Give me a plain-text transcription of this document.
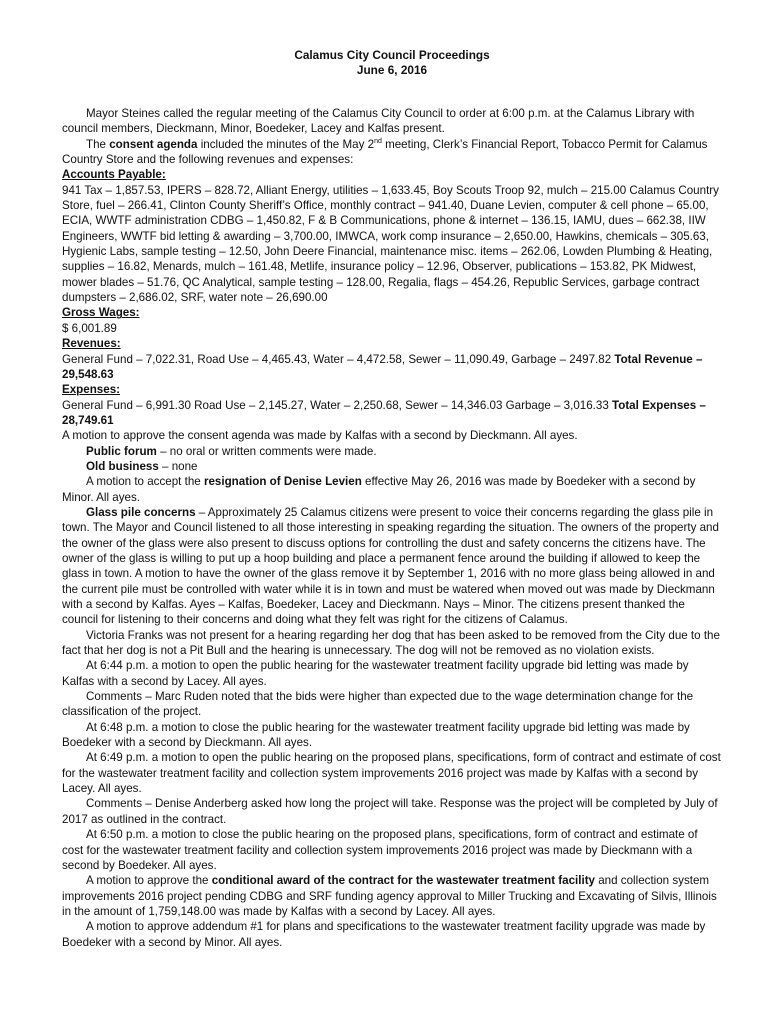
Calamus City Council Proceedings
June 6, 2016

Mayor Steines called the regular meeting of the Calamus City Council to order at 6:00 p.m. at the Calamus Library with council members, Dieckmann, Minor, Boedeker, Lacey and Kalfas present.

The consent agenda included the minutes of the May 2nd meeting, Clerk’s Financial Report, Tobacco Permit for Calamus Country Store and the following revenues and expenses:

Accounts Payable:

941 Tax – 1,857.53, IPERS – 828.72, Alliant Energy, utilities – 1,633.45, Boy Scouts Troop 92, mulch – 215.00 Calamus Country Store, fuel – 266.41, Clinton County Sheriff’s Office, monthly contract – 941.40, Duane Levien, computer & cell phone – 65.00, ECIA, WWTF administration CDBG – 1,450.82, F & B Communications, phone & internet – 136.15, IAMU, dues – 662.38, IIW Engineers, WWTF bid letting & awarding – 3,700.00, IMWCA, work comp insurance – 2,650.00, Hawkins, chemicals – 305.63, Hygienic Labs, sample testing – 12.50, John Deere Financial, maintenance misc. items – 262.06, Lowden Plumbing & Heating, supplies – 16.82, Menards, mulch – 161.48, Metlife, insurance policy – 12.96, Observer, publications – 153.82, PK Midwest, mower blades – 51.76, QC Analytical, sample testing – 128.00, Regalia, flags – 454.26, Republic Services, garbage contract dumpsters – 2,686.02, SRF, water note – 26,690.00

Gross Wages:

$ 6,001.89

Revenues:

General Fund – 7,022.31, Road Use – 4,465.43, Water – 4,472.58, Sewer – 11,090.49, Garbage – 2497.82 Total Revenue – 29,548.63

Expenses:

General Fund – 6,991.30 Road Use – 2,145.27, Water – 2,250.68, Sewer – 14,346.03 Garbage – 3,016.33 Total Expenses – 28,749.61

A motion to approve the consent agenda was made by Kalfas with a second by Dieckmann. All ayes.

Public forum – no oral or written comments were made.

Old business – none

A motion to accept the resignation of Denise Levien effective May 26, 2016 was made by Boedeker with a second by Minor. All ayes.

Glass pile concerns – Approximately 25 Calamus citizens were present to voice their concerns regarding the glass pile in town. The Mayor and Council listened to all those interesting in speaking regarding the situation. The owners of the property and the owner of the glass were also present to discuss options for controlling the dust and safety concerns the citizens have. The owner of the glass is willing to put up a hoop building and place a permanent fence around the building if allowed to keep the glass in town. A motion to have the owner of the glass remove it by September 1, 2016 with no more glass being allowed in and the current pile must be controlled with water while it is in town and must be watered when moved out was made by Dieckmann with a second by Kalfas. Ayes – Kalfas, Boedeker, Lacey and Dieckmann. Nays – Minor. The citizens present thanked the council for listening to their concerns and doing what they felt was right for the citizens of Calamus.

Victoria Franks was not present for a hearing regarding her dog that has been asked to be removed from the City due to the fact that her dog is not a Pit Bull and the hearing is unnecessary. The dog will not be removed as no violation exists.

At 6:44 p.m. a motion to open the public hearing for the wastewater treatment facility upgrade bid letting was made by Kalfas with a second by Lacey. All ayes.

Comments – Marc Ruden noted that the bids were higher than expected due to the wage determination change for the classification of the project.

At 6:48 p.m. a motion to close the public hearing for the wastewater treatment facility upgrade bid letting was made by Boedeker with a second by Dieckmann. All ayes.

At 6:49 p.m. a motion to open the public hearing on the proposed plans, specifications, form of contract and estimate of cost for the wastewater treatment facility and collection system improvements 2016 project was made by Kalfas with a second by Lacey. All ayes.

Comments – Denise Anderberg asked how long the project will take. Response was the project will be completed by July of 2017 as outlined in the contract.

At 6:50 p.m. a motion to close the public hearing on the proposed plans, specifications, form of contract and estimate of cost for the wastewater treatment facility and collection system improvements 2016 project was made by Dieckmann with a second by Boedeker. All ayes.

A motion to approve the conditional award of the contract for the wastewater treatment facility and collection system improvements 2016 project pending CDBG and SRF funding agency approval to Miller Trucking and Excavating of Silvis, Illinois in the amount of 1,759,148.00 was made by Kalfas with a second by Lacey. All ayes.

A motion to approve addendum #1 for plans and specifications to the wastewater treatment facility upgrade was made by Boedeker with a second by Minor. All ayes.
